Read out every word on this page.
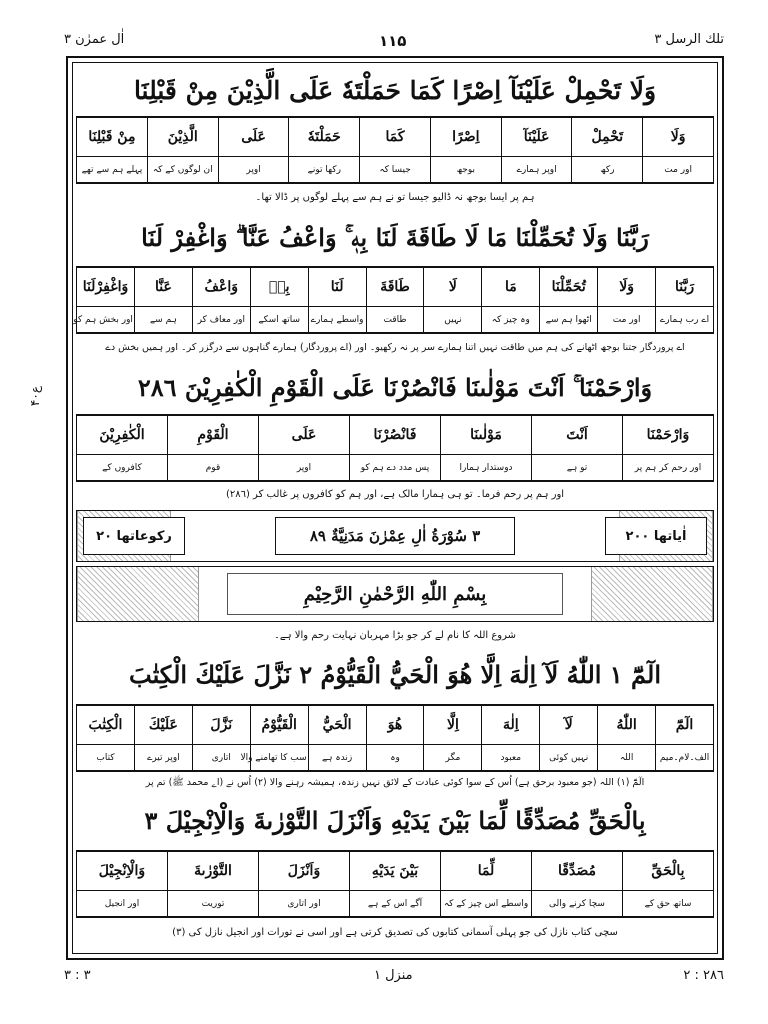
اٰل عمرٰن ۳	۱۱۵	تلك الرسل ۳
ع۴۰
وَلَا تَحْمِلْ عَلَيْنَآ اِصْرًا كَمَا حَمَلْتَهٗ عَلَى الَّذِيْنَ مِنْ قَبْلِنَا
وَلَا	تَحْمِلْ	عَلَيْنَآ	اِصْرًا	كَمَا	حَمَلْتَهٗ	عَلَى	الَّذِيْنَ	مِنْ قَبْلِنَا
اور مت	رکھ	اوپر ہمارے	بوجھ	جیسا کہ	رکھا تونے	اوپر	ان لوگوں کے کہ	پہلے ہم سے تھے
ہم پر ایسا بوجھ نہ ڈالیو جیسا تو نے ہم سے پہلے لوگوں پر ڈالا تھا۔
رَبَّنَا وَلَا تُحَمِّلْنَا مَا لَا طَاقَةَ لَنَا بِهٖ ۚ وَاعْفُ عَنَّا ۗ وَاغْفِرْ لَنَا
رَبَّنَا	وَلَا	تُحَمِّلْنَا	مَا	لَا	طَاقَةَ	لَنَا	بِهٖ	وَاعْفُ	عَنَّا	وَاغْفِرْلَنَا
اے رب ہمارے	اور مت	اٹھوا ہم سے	وہ چیز کہ	نہیں	طاقت	واسطے ہمارے	ساتھ اسکے	اور معاف کر	ہم سے	اور بخش ہم کو
اے پروردگار جتنا بوجھ اٹھانے کی ہم میں طاقت نہیں اتنا ہمارے سر پر نہ رکھیو۔ اور (اے پروردگار) ہمارے گناہوں سے درگزر کر۔ اور ہمیں بخش دے
وَارْحَمْنَا ۚ اَنْتَ مَوْلٰىنَا فَانْصُرْنَا عَلَى الْقَوْمِ الْكٰفِرِيْنَ ۲۸٦
وَارْحَمْنَا	اَنْتَ	مَوْلٰىنَا	فَانْصُرْنَا	عَلَى	الْقَوْمِ	الْكٰفِرِيْنَ
اور رحم کر ہم پر	تو ہے	دوستدار ہمارا	پس مدد دے ہم کو	اوپر	قوم	کافروں کے
اور ہم پر رحم فرما۔ تو ہی ہمارا مالک ہے، اور ہم کو کافروں پر غالب کر (۲۸٦)
اٰیاتھا ۲۰۰
۳ سُوْرَةُ اٰلِ عِمْرٰنَ مَدَنِيَّةٌ ۸۹
رکوعاتھا ۲۰
بِسْمِ اللّٰهِ الرَّحْمٰنِ الرَّحِيْمِ
شروع اللہ کا نام لے کر جو بڑا مہربان نہایت رحم والا ہے۔
الٓمّٓ ۱ اللّٰهُ لَآ اِلٰهَ اِلَّا هُوَ الْحَيُّ الْقَيُّوْمُ ۲ نَزَّلَ عَلَيْكَ الْكِتٰبَ
الٓمّٓ	اللّٰهُ	لَآ	اِلٰهَ	اِلَّا	هُوَ	الْحَيُّ	الْقَيُّوْمُ	نَزَّلَ	عَلَيْكَ	الْكِتٰبَ
الف۔لام۔میم	اللہ	نہیں کوئی	معبود	مگر	وہ	زندہ ہے	سب کا تھامنے والا	اتاری	اوپر تیرے	کتاب
الٓمّٓ (۱) اللہ (جو معبود برحق ہے) اُس کے سوا کوئی عبادت کے لائق نہیں زندہ، ہمیشہ رہنے والا (۲) اُس نے (اے محمد ﷺ) تم پر
بِالْحَقِّ مُصَدِّقًا لِّمَا بَيْنَ يَدَيْهِ وَاَنْزَلَ التَّوْرٰىةَ وَالْاِنْجِيْلَ ۳
بِالْحَقِّ	مُصَدِّقًا	لِّمَا	بَيْنَ يَدَيْهِ	وَاَنْزَلَ	التَّوْرٰىةَ	وَالْاِنْجِيْلَ
ساتھ حق کے	سچا کرنے والی	واسطے اس چیز کے کہ	آگے اس کے ہے	اور اتاری	توریت	اور انجیل
سچی کتاب نازل کی جو پہلی آسمانی کتابوں کی تصدیق کرتی ہے اور اسی نے تورات اور انجیل نازل کی (۳)
۳ : ۳	منزل ۱	۲ : ۲۸٦
